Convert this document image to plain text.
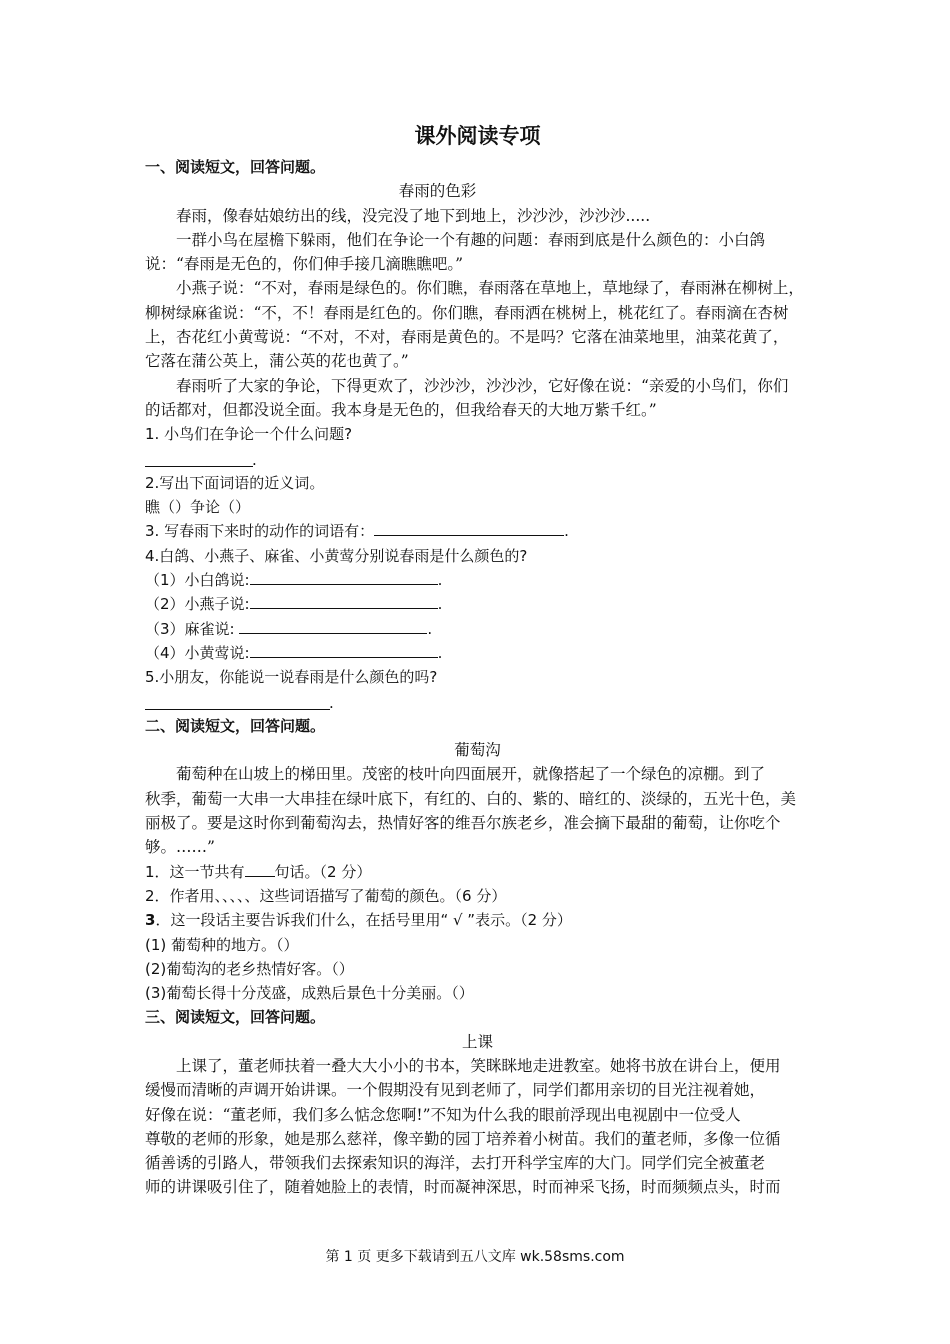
课外阅读专项
一、阅读短文，回答问题。
春雨的色彩

春雨，像春姑娘纺出的线，没完没了地下到地上，沙沙沙，沙沙沙.....

一群小鸟在屋檐下躲雨，他们在争论一个有趣的问题：春雨到底是什么颜色的：小白鸽

说：“春雨是无色的，你们伸手接几滴瞧瞧吧。”

小燕子说：“不对，春雨是绿色的。你们瞧，春雨落在草地上，草地绿了，春雨淋在柳树上，

柳树绿麻雀说：“不，不！春雨是红色的。你们瞧，春雨洒在桃树上，桃花红了。春雨滴在杏树

上，杏花红小黄莺说：“不对，不对，春雨是黄色的。不是吗？它落在油菜地里，油菜花黄了，

它落在蒲公英上，蒲公英的花也黄了。”

春雨听了大家的争论，下得更欢了，沙沙沙，沙沙沙，它好像在说：“亲爱的小鸟们，你们

的话都对，但都没说全面。我本身是无色的，但我给春天的大地万紫千红。”

1. 小鸟们在争论一个什么问题?

.

2.写出下面词语的近义词。

瞧（）争论（）

3. 写春雨下来时的动作的词语有：	.

4.白鸽、小燕子、麻雀、小黄莺分别说春雨是什么颜色的?

（1）小白鸽说:	.

（2）小燕子说:	.

（3）麻雀说:	.

（4）小黄莺说:	.

5.小朋友，你能说一说春雨是什么颜色的吗?

.
二、阅读短文，回答问题。
葡萄沟

葡萄种在山坡上的梯田里。茂密的枝叶向四面展开，就像搭起了一个绿色的凉棚。到了

秋季，葡萄一大串一大串挂在绿叶底下，有红的、白的、紫的、暗红的、淡绿的，五光十色，美

丽极了。要是这时你到葡萄沟去，热情好客的维吾尔族老乡，准会摘下最甜的葡萄，让你吃个

够。……”

1．这一节共有 句话。（2 分）

2．作者用、、、、、这些词语描写了葡萄的颜色。（6 分）

3．这一段话主要告诉我们什么，在括号里用“ √ ”表示。（2 分）

(1) 葡萄种的地方。（）

(2)葡萄沟的老乡热情好客。（）

(3)葡萄长得十分茂盛，成熟后景色十分美丽。（）

三、阅读短文，回答问题。
上课

上课了，董老师扶着一叠大大小小的书本，笑眯眯地走进教室。她将书放在讲台上，便用

缓慢而清晰的声调开始讲课。一个假期没有见到老师了，同学们都用亲切的目光注视着她，

好像在说：“董老师，我们多么惦念您啊!”不知为什么我的眼前浮现出电视剧中一位受人

尊敬的老师的形象，她是那么慈祥，像辛勤的园丁培养着小树苗。我们的董老师，多像一位循

循善诱的引路人，带领我们去探索知识的海洋，去打开科学宝库的大门。同学们完全被董老

师的讲课吸引住了，随着她脸上的表情，时而凝神深思，时而神采飞扬，时而频频点头，时而

第 1 页 更多下载请到五八文库 wk.58sms.com
